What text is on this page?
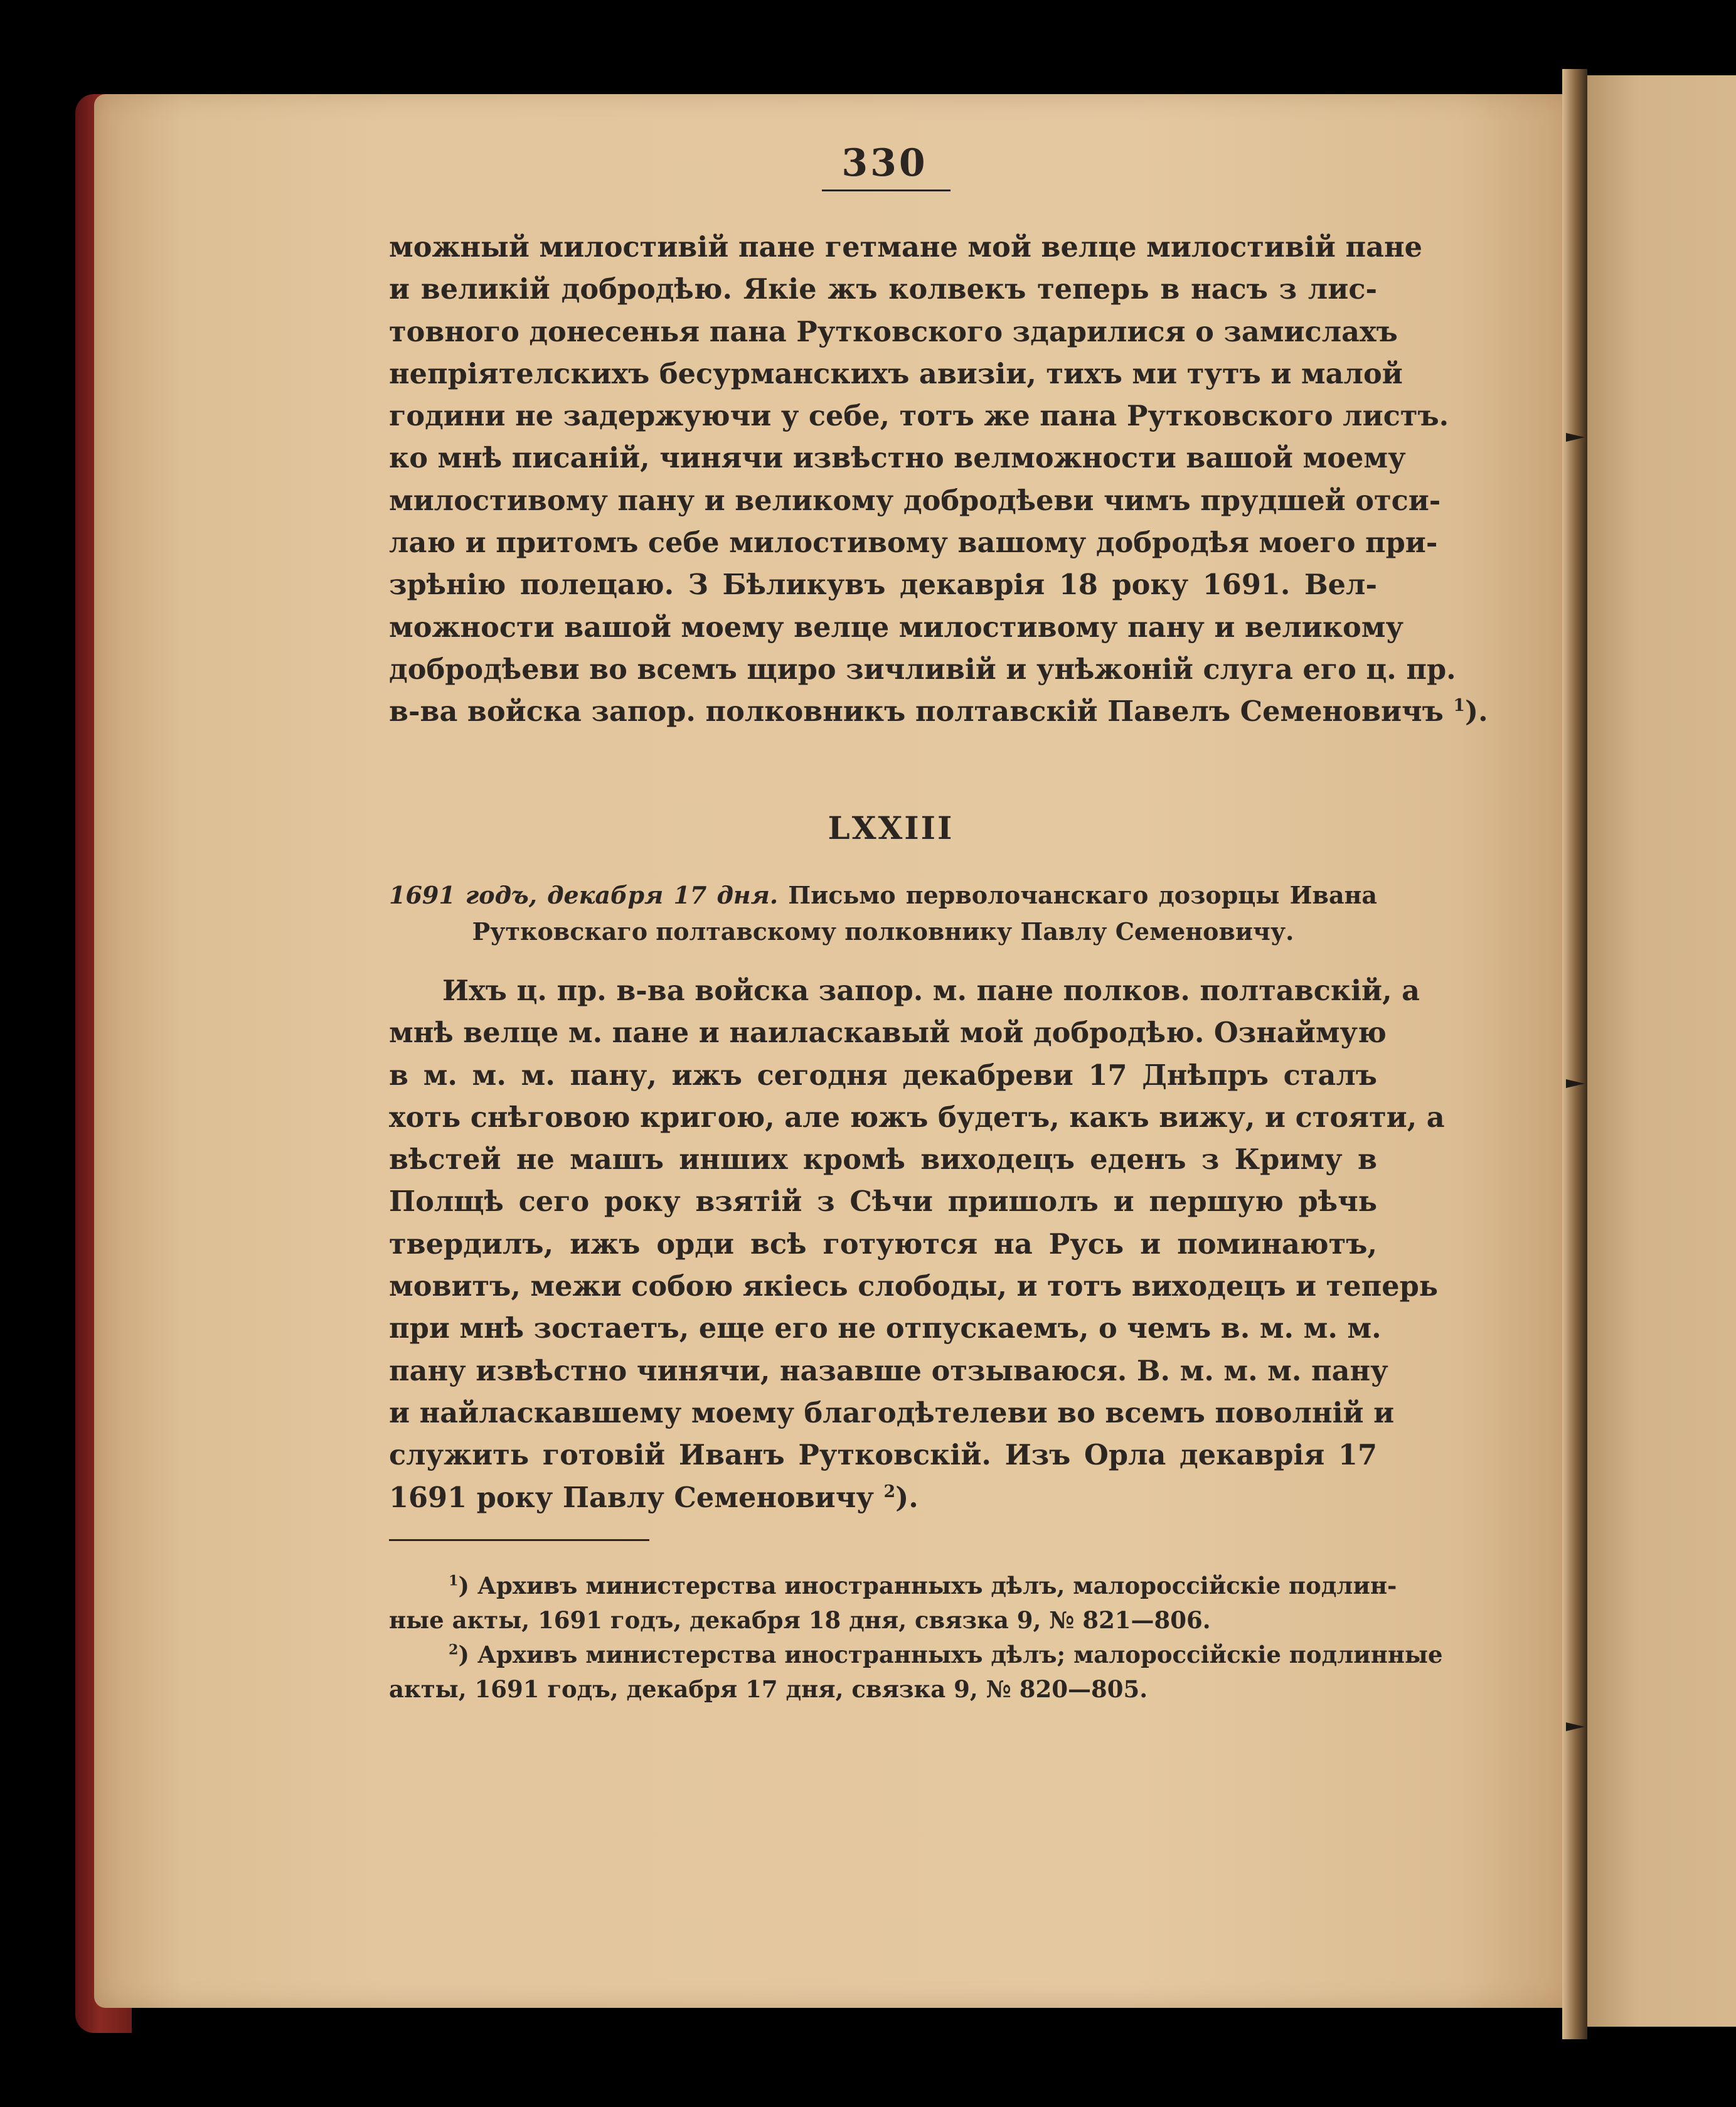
330
можный милостивій пане гетмане мой велце милостивій пане
и великій добродѣю. Якіе жъ колвекъ теперь в насъ з лис-
товного донесенья пана Рутковского здарилися о замислахъ
непріятелскихъ бесурманскихъ авизіи, тихъ ми тутъ и малой
години не задержуючи у себе, тотъ же пана Рутковского листъ.
ко мнѣ писаній, чинячи извѣстно велможности вашой моему
милостивому пану и великому добродѣеви чимъ прудшей отси-
лаю и притомъ себе милостивому вашому добродѣя моего при-
зрѣнію полецаю. З Бѣликувъ декаврія 18 року 1691. Вел-
можности вашой моему велце милостивому пану и великому
добродѣеви во всемъ щиро зичливій и унѣжоній слуга его ц. пр.
в-ва войска запор. полковникъ полтавскій Павелъ Семеновичъ $^1$).
LXXIII
1691 годъ, декабря 17 дня. Письмо перволочанскаго дозорцы Ивана
Рутковскаго полтавскому полковнику Павлу Семеновичу.
Ихъ ц. пр. в-ва войска запор. м. пане полков. полтавскій, а
мнѣ велце м. пане и наиласкавый мой добродѣю. Ознаймую
в м. м. м. пану, ижъ сегодня декабреви 17 Днѣпръ сталъ
хоть снѣговою кригою, але южъ будетъ, какъ вижу, и стояти, а
вѣстей не машъ инших кромѣ виходецъ еденъ з Криму в
Полщѣ сего року взятій з Сѣчи пришолъ и першую рѣчь
твердилъ, ижъ орди всѣ готуются на Русь и поминаютъ,
мовитъ, межи собою якіесь слободы, и тотъ виходецъ и теперь
при мнѣ зостаетъ, еще его не отпускаемъ, о чемъ в. м. м. м.
пану извѣстно чинячи, назавше отзываюся. В. м. м. м. пану
и найласкавшему моему благодѣтелеви во всемъ поволній и
служить готовій Иванъ Рутковскій. Изъ Орла декаврія 17
1691 року Павлу Семеновичу $^2$).
$^1$) Архивъ министерства иностранныхъ дѣлъ, малороссійскіе подлин-
ные акты, 1691 годъ, декабря 18 дня, связка 9, № 821—806.
$^2$) Архивъ министерства иностранныхъ дѣлъ; малороссійскіе подлинные
акты, 1691 годъ, декабря 17 дня, связка 9, № 820—805.
